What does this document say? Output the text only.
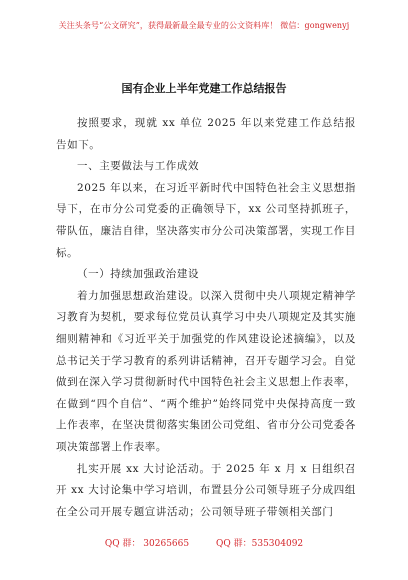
关注头条号“公文研究”，获得最新最全最专业的公文资料库！ 微信：gongwenyj
国有企业上半年党建工作总结报告

按照要求，现就 xx 单位 2025 年以来党建工作总结报告如下。

一、主要做法与工作成效

2025 年以来，在习近平新时代中国特色社会主义思想指导下，在市分公司党委的正确领导下，xx 公司坚持抓班子，带队伍，廉洁自律，坚决落实市分公司决策部署，实现工作目标。

（一）持续加强政治建设

着力加强思想政治建设。以深入贯彻中央八项规定精神学习教育为契机，要求每位党员认真学习中央八项规定及其实施细则精神和《习近平关于加强党的作风建设论述摘编》，以及总书记关于学习教育的系列讲话精神，召开专题学习会。自觉做到在深入学习贯彻新时代中国特色社会主义思想上作表率，在做到“四个自信”、“两个维护”始终同党中央保持高度一致上作表率，在坚决贯彻落实集团公司党组、省市分公司党委各项决策部署上作表率。

扎实开展 xx 大讨论活动。于 2025 年 x 月 x 日组织召开 xx 大讨论集中学习培训，布置县分公司领导班子分成四组在全公司开展专题宣讲活动；公司领导班子带领相关部门

QQ 群： 30265665	QQ 群：535304092
